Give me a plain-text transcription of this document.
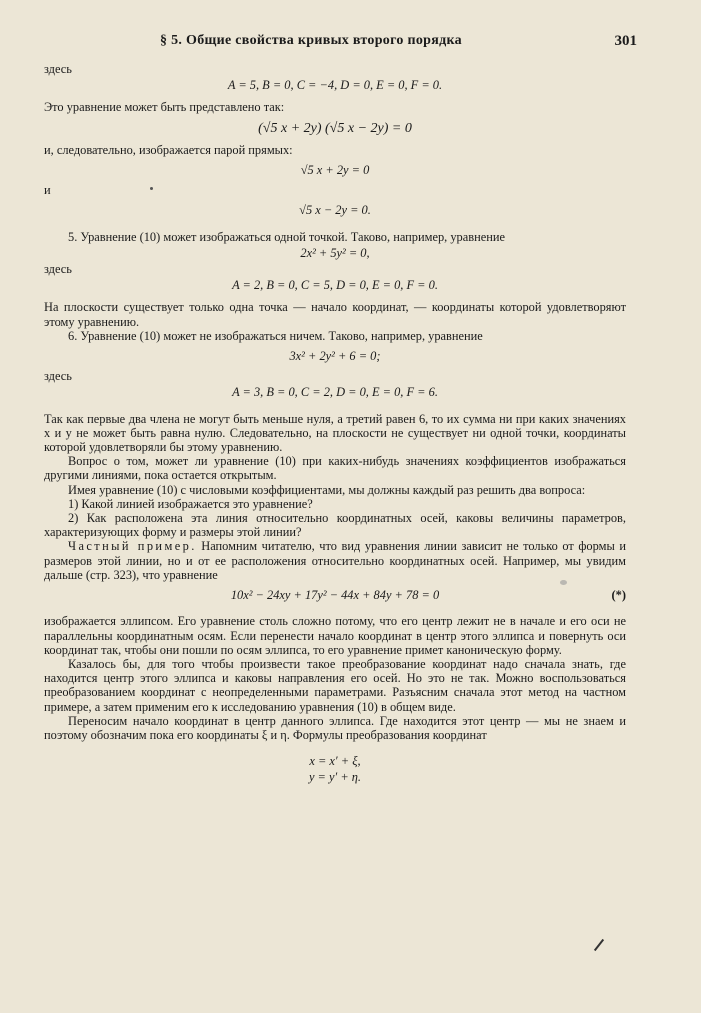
§ 5. Общие свойства кривых второго порядка	301

здесь

A = 5, B = 0, C = −4, D = 0, E = 0, F = 0.

Это уравнение может быть представлено так:

(√5 x + 2y) (√5 x − 2y) = 0

и, следовательно, изображается парой прямых:

√5 x + 2y = 0

и

√5 x − 2y = 0.

5. Уравнение (10) может изображаться одной точкой. Таково, например, уравнение

2x² + 5y² = 0,

здесь

A = 2, B = 0, C = 5, D = 0, E = 0, F = 0.

На плоскости существует только одна точка — начало координат, — координаты которой удовлетворяют этому уравнению.

6. Уравнение (10) может не изображаться ничем. Таково, например, уравнение

3x² + 2y² + 6 = 0;

здесь

A = 3, B = 0, C = 2, D = 0, E = 0, F = 6.

Так как первые два члена не могут быть меньше нуля, а третий равен 6, то их сумма ни при каких значениях x и y не может быть равна нулю. Следовательно, на плоскости не существует ни одной точки, координаты которой удовлетворяли бы этому уравнению.

Вопрос о том, может ли уравнение (10) при каких-нибудь значениях коэффициентов изображаться другими линиями, пока остается открытым.

Имея уравнение (10) с числовыми коэффициентами, мы должны каждый раз решить два вопроса:

1) Какой линией изображается это уравнение?

2) Как расположена эта линия относительно координатных осей, каковы величины параметров, характеризующих форму и размеры этой линии?

Частный пример. Напомним читателю, что вид уравнения линии зависит не только от формы и размеров этой линии, но и от ее расположения относительно координатных осей. Например, мы увидим дальше (стр. 323), что уравнение

10x² − 24xy + 17y² − 44x + 84y + 78 = 0	(*)

изображается эллипсом. Его уравнение столь сложно потому, что его центр лежит не в начале и его оси не параллельны координатным осям. Если перенести начало координат в центр этого эллипса и повернуть оси координат так, чтобы они пошли по осям эллипса, то его уравнение примет каноническую форму.

Казалось бы, для того чтобы произвести такое преобразование координат надо сначала знать, где находится центр этого эллипса и каковы направления его осей. Но это не так. Можно воспользоваться преобразованием координат с неопределенными параметрами. Разъясним сначала этот метод на частном примере, а затем применим его к исследованию уравнения (10) в общем виде.

Переносим начало координат в центр данного эллипса. Где находится этот центр — мы не знаем и поэтому обозначим пока его координаты ξ и η. Формулы преобразования координат

x = x′ + ξ,
y = y′ + η.
